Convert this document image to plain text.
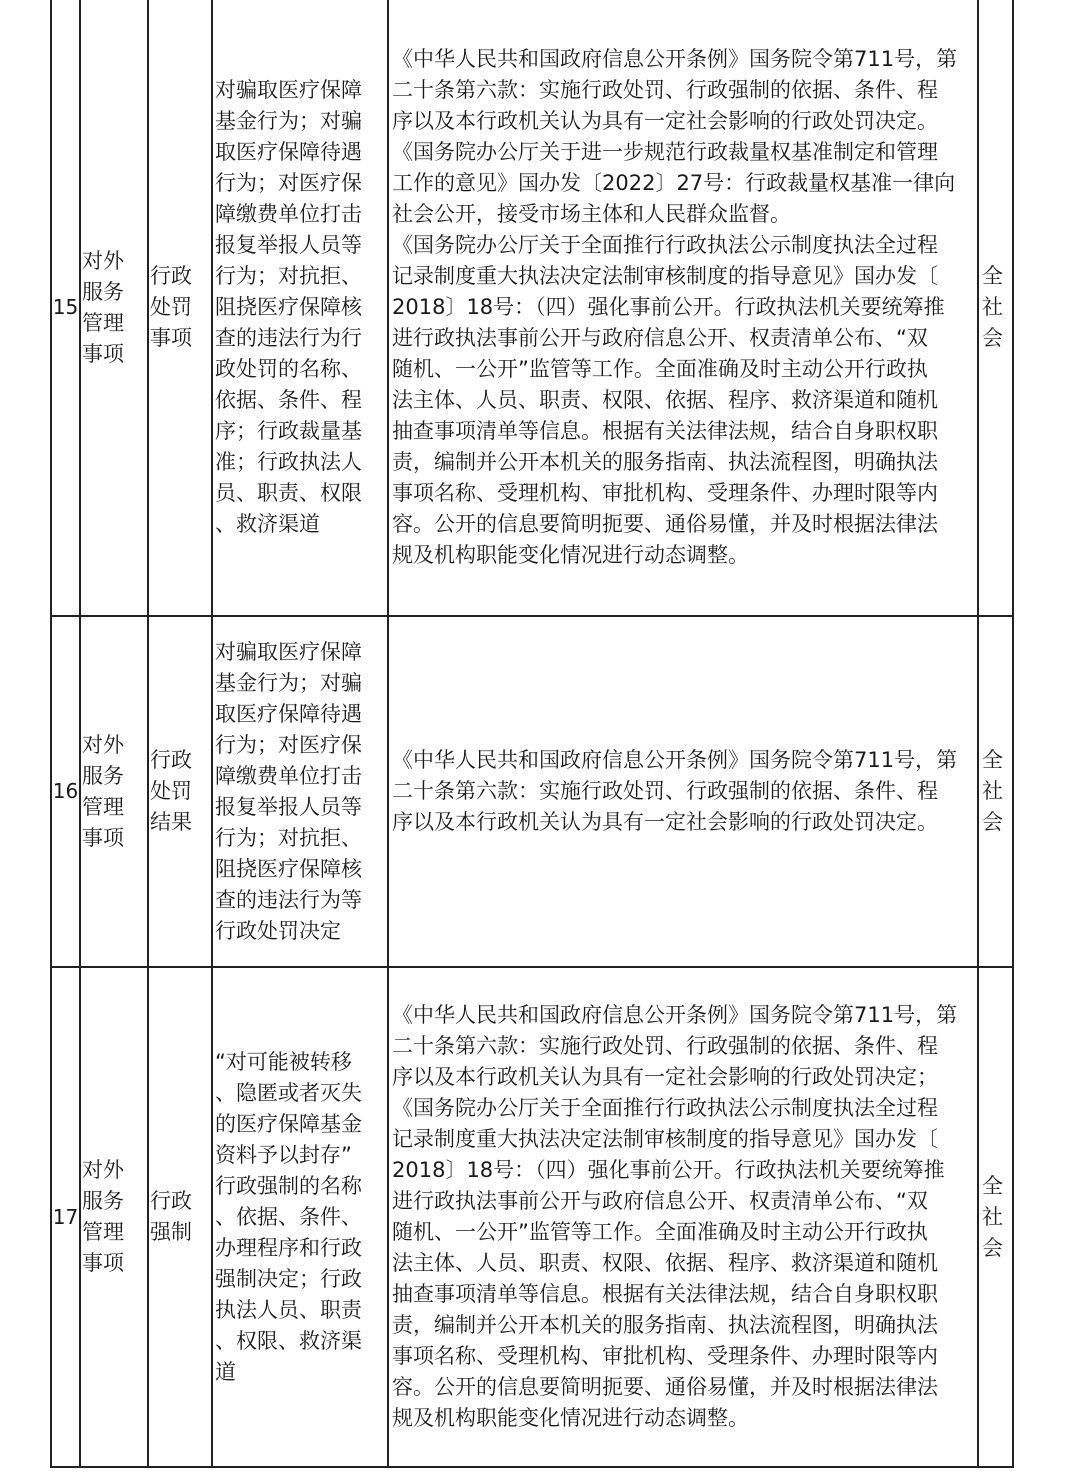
15
对外
服务
管理
事项
行政
处罚
事项
对骗取医疗保障
基金行为；对骗
取医疗保障待遇
行为；对医疗保
障缴费单位打击
报复举报人员等
行为；对抗拒、
阻挠医疗保障核
查的违法行为行
政处罚的名称、
依据、条件、程
序；行政裁量基
准；行政执法人
员、职责、权限
、救济渠道
《中华人民共和国政府信息公开条例》国务院令第711号，第
二十条第六款：实施行政处罚、行政强制的依据、条件、程
序以及本行政机关认为具有一定社会影响的行政处罚决定。
《国务院办公厅关于进一步规范行政裁量权基准制定和管理
工作的意见》国办发〔2022〕27号：行政裁量权基准一律向
社会公开，接受市场主体和人民群众监督。
《国务院办公厅关于全面推行行政执法公示制度执法全过程
记录制度重大执法决定法制审核制度的指导意见》国办发〔
2018〕18号：（四）强化事前公开。行政执法机关要统筹推
进行政执法事前公开与政府信息公开、权责清单公布、“双
随机、一公开”监管等工作。全面准确及时主动公开行政执
法主体、人员、职责、权限、依据、程序、救济渠道和随机
抽查事项清单等信息。根据有关法律法规，结合自身职权职
责，编制并公开本机关的服务指南、执法流程图，明确执法
事项名称、受理机构、审批机构、受理条件、办理时限等内
容。公开的信息要简明扼要、通俗易懂，并及时根据法律法
规及机构职能变化情况进行动态调整。
全
社
会
16
对外
服务
管理
事项
行政
处罚
结果
对骗取医疗保障
基金行为；对骗
取医疗保障待遇
行为；对医疗保
障缴费单位打击
报复举报人员等
行为；对抗拒、
阻挠医疗保障核
查的违法行为等
行政处罚决定
《中华人民共和国政府信息公开条例》国务院令第711号，第
二十条第六款：实施行政处罚、行政强制的依据、条件、程
序以及本行政机关认为具有一定社会影响的行政处罚决定。
全
社
会
17
对外
服务
管理
事项
行政
强制
“对可能被转移
、隐匿或者灭失
的医疗保障基金
资料予以封存”
行政强制的名称
、依据、条件、
办理程序和行政
强制决定；行政
执法人员、职责
、权限、救济渠
道
《中华人民共和国政府信息公开条例》国务院令第711号，第
二十条第六款：实施行政处罚、行政强制的依据、条件、程
序以及本行政机关认为具有一定社会影响的行政处罚决定；
《国务院办公厅关于全面推行行政执法公示制度执法全过程
记录制度重大执法决定法制审核制度的指导意见》国办发〔
2018〕18号：（四）强化事前公开。行政执法机关要统筹推
进行政执法事前公开与政府信息公开、权责清单公布、“双
随机、一公开”监管等工作。全面准确及时主动公开行政执
法主体、人员、职责、权限、依据、程序、救济渠道和随机
抽查事项清单等信息。根据有关法律法规，结合自身职权职
责，编制并公开本机关的服务指南、执法流程图，明确执法
事项名称、受理机构、审批机构、受理条件、办理时限等内
容。公开的信息要简明扼要、通俗易懂，并及时根据法律法
规及机构职能变化情况进行动态调整。
全
社
会
